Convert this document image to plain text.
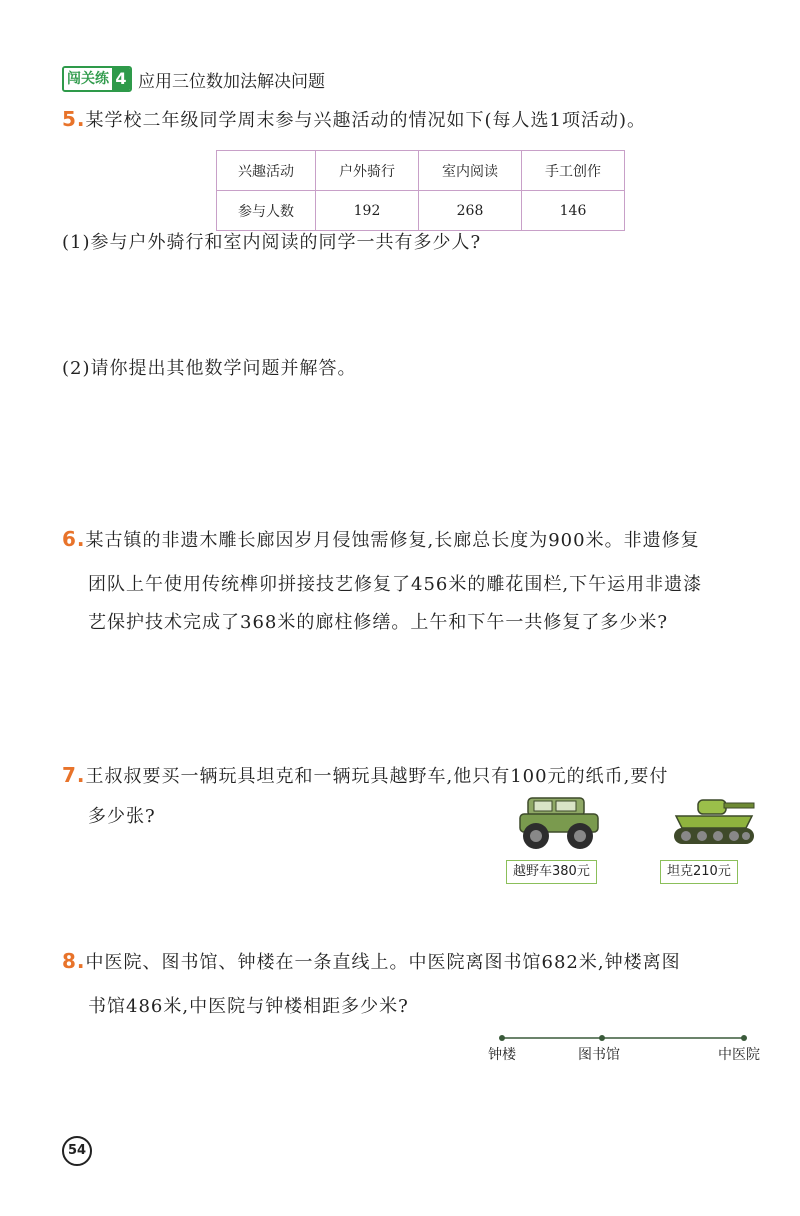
闯关练 4 应用三位数加法解决问题
5.某学校二年级同学周末参与兴趣活动的情况如下(每人选1项活动)。
兴趣活动	户外骑行	室内阅读	手工创作
参与人数	192	268	146
(1)参与户外骑行和室内阅读的同学一共有多少人?
(2)请你提出其他数学问题并解答。
6.某古镇的非遗木雕长廊因岁月侵蚀需修复,长廊总长度为900米。非遗修复
团队上午使用传统榫卯拼接技艺修复了456米的雕花围栏,下午运用非遗漆
艺保护技术完成了368米的廊柱修缮。上午和下午一共修复了多少米?
7.王叔叔要买一辆玩具坦克和一辆玩具越野车,他只有100元的纸币,要付
多少张?
越野车380元	坦克210元
8.中医院、图书馆、钟楼在一条直线上。中医院离图书馆682米,钟楼离图
书馆486米,中医院与钟楼相距多少米?
钟楼	图书馆	中医院
54
